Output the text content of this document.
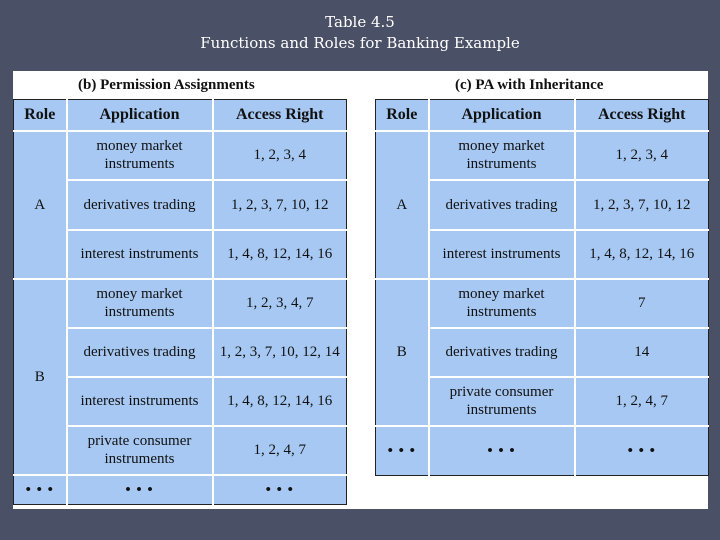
Table 4.5
Functions and Roles for Banking Example
(b) Permission Assignments
Role	Application	Access Right
A	money market instruments	1, 2, 3, 4
	derivatives trading	1, 2, 3, 7, 10, 12
	interest instruments	1, 4, 8, 12, 14, 16
B	money market instruments	1, 2, 3, 4, 7
	derivatives trading	1, 2, 3, 7, 10, 12, 14
	interest instruments	1, 4, 8, 12, 14, 16
	private consumer instruments	1, 2, 4, 7
• • •	• • •	• • •
(c) PA with Inheritance
Role	Application	Access Right
A	money market instruments	1, 2, 3, 4
	derivatives trading	1, 2, 3, 7, 10, 12
	interest instruments	1, 4, 8, 12, 14, 16
B	money market instruments	7
	derivatives trading	14
	private consumer instruments	1, 2, 4, 7
• • •	• • •	• • •
